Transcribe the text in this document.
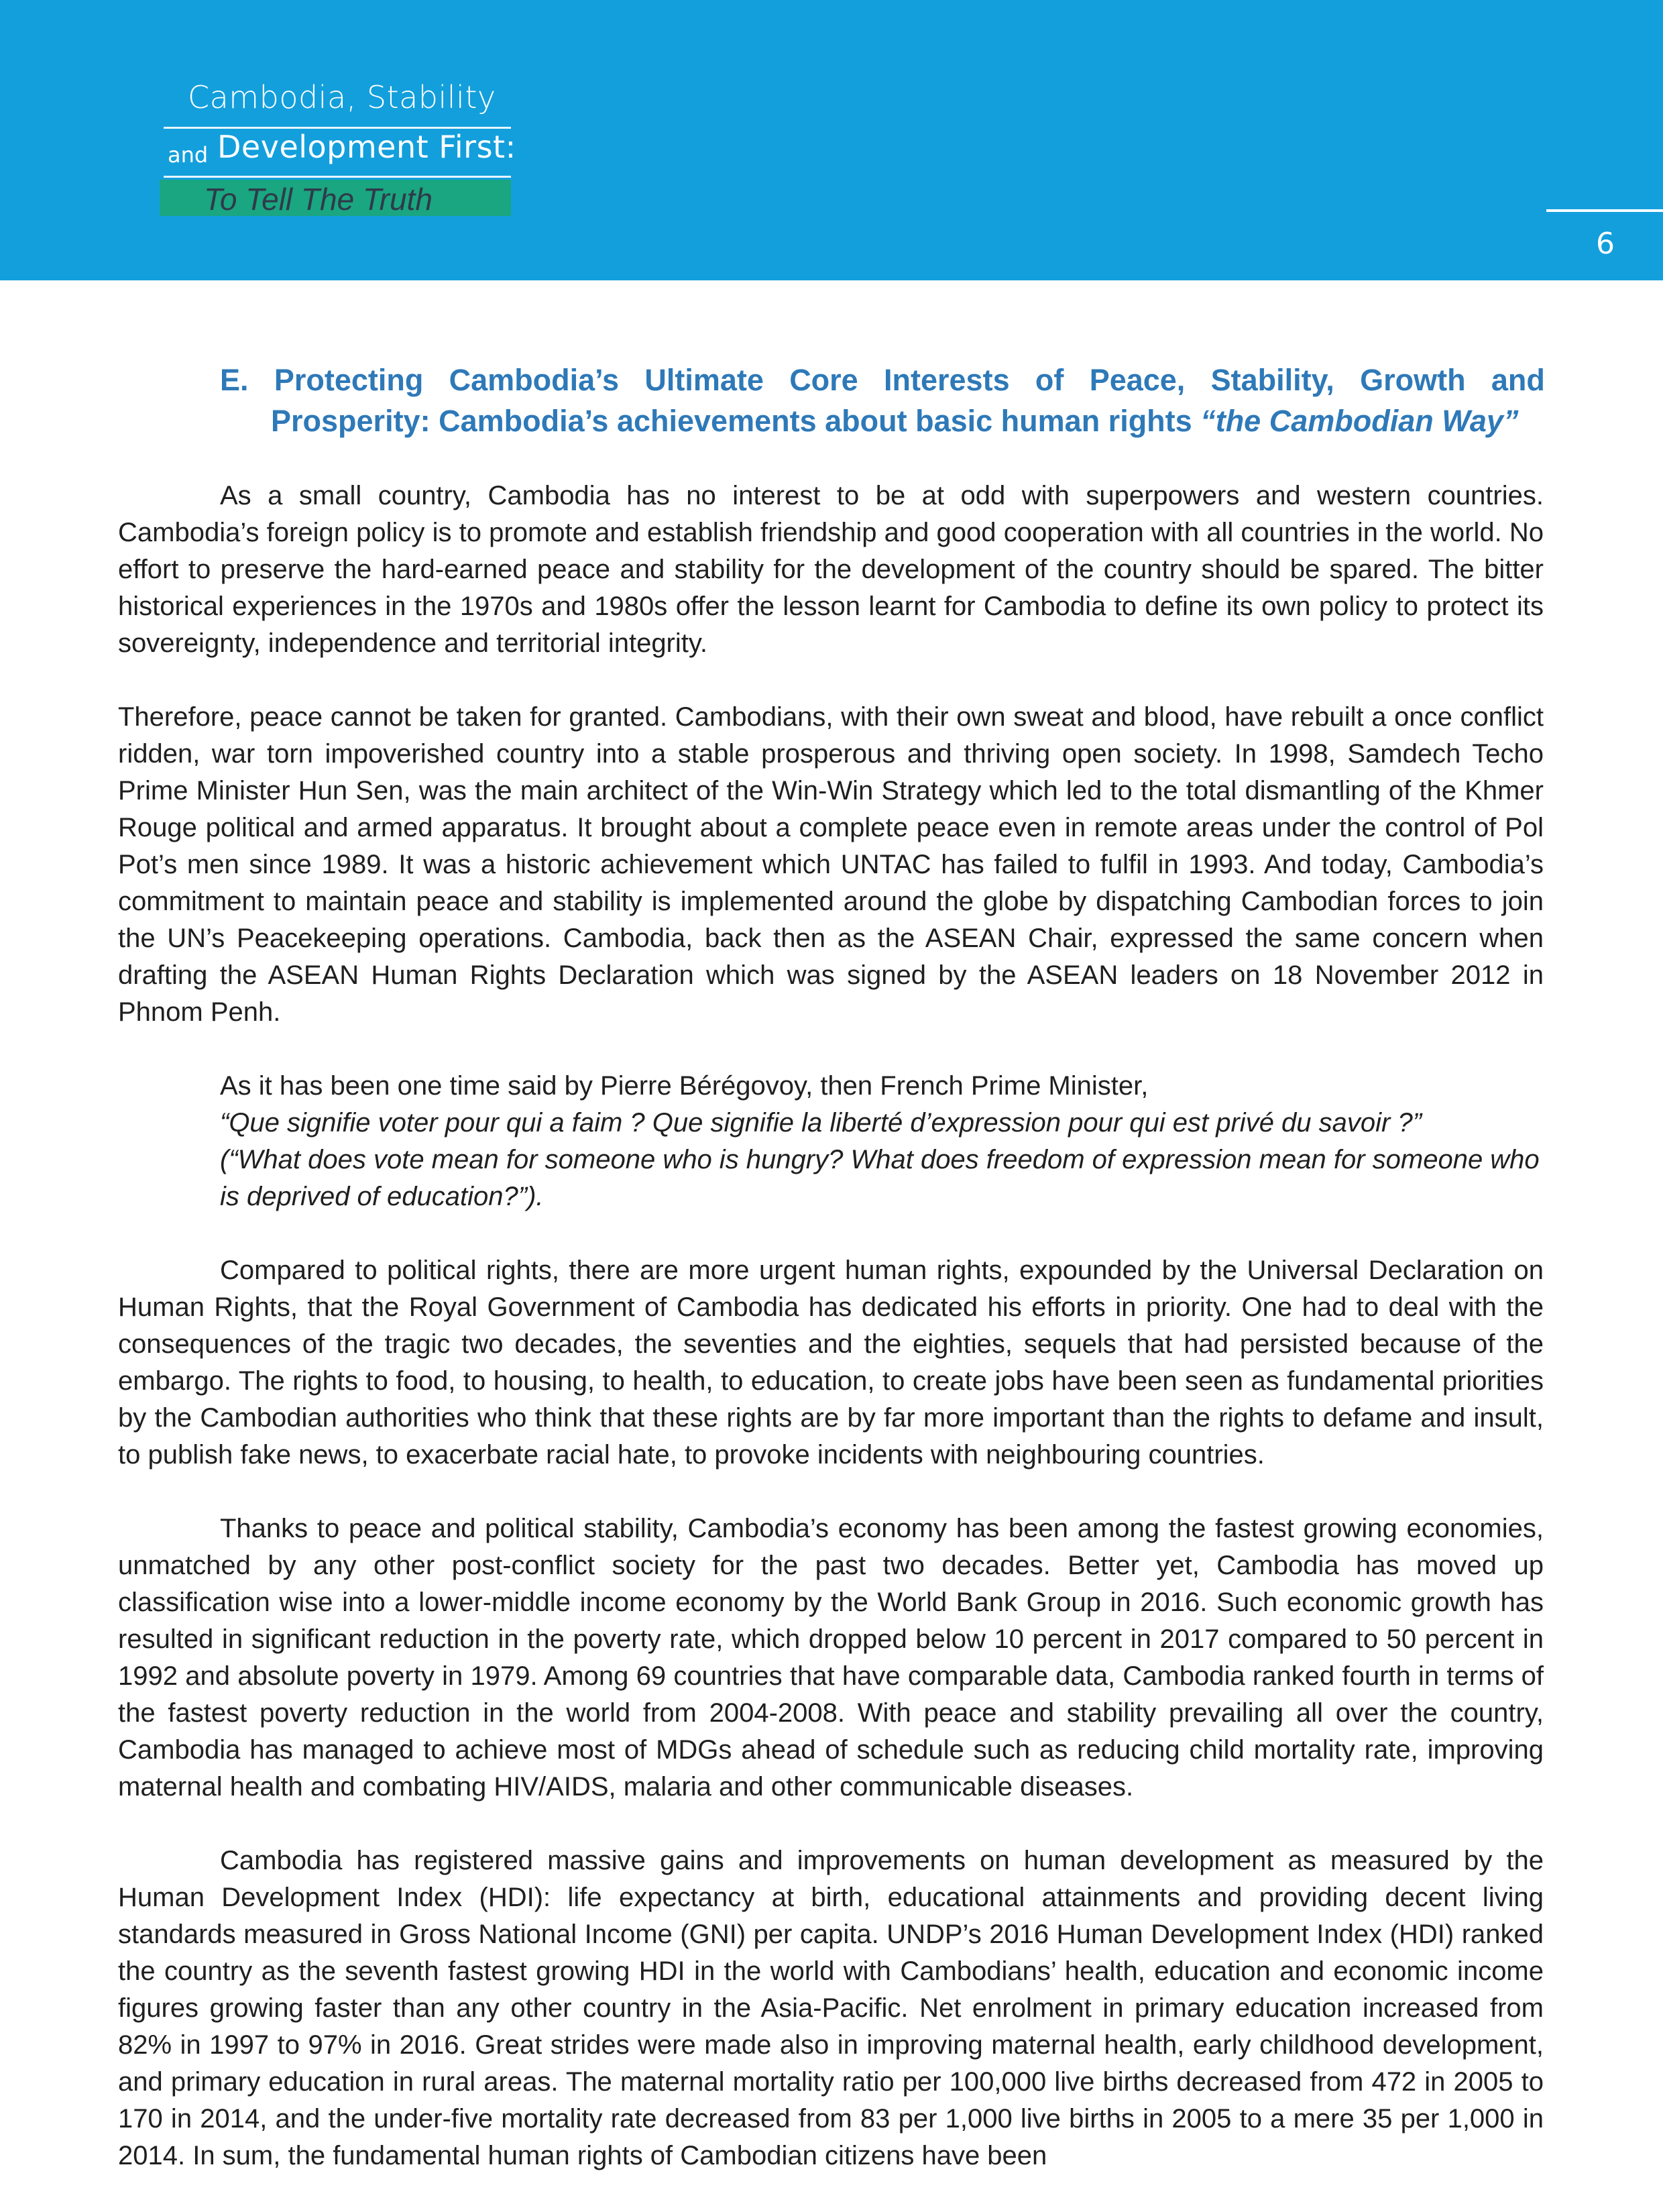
Cambodia, Stability
and Development First:
To Tell The Truth
6
E. Protecting Cambodia’s Ultimate Core Interests of Peace, Stability, Growth and
Prosperity: Cambodia’s achievements about basic human rights “the Cambodian Way”

As a small country, Cambodia has no interest to be at odd with superpowers and western countries. Cambodia’s foreign policy is to promote and establish friendship and good cooperation with all countries in the world. No effort to preserve the hard-earned peace and stability for the development of the country should be spared. The bitter historical experiences in the 1970s and 1980s offer the lesson learnt for Cambodia to define its own policy to protect its sovereignty, independence and territorial integrity.

Therefore, peace cannot be taken for granted. Cambodians, with their own sweat and blood, have rebuilt a once conflict ridden, war torn impoverished country into a stable prosperous and thriving open society. In 1998, Samdech Techo Prime Minister Hun Sen, was the main architect of the Win-Win Strategy which led to the total dismantling of the Khmer Rouge political and armed apparatus. It brought about a complete peace even in remote areas under the control of Pol Pot’s men since 1989. It was a historic achievement which UNTAC has failed to fulfil in 1993. And today, Cambodia’s commitment to maintain peace and stability is implemented around the globe by dispatching Cambodian forces to join the UN’s Peacekeeping operations. Cambodia, back then as the ASEAN Chair, expressed the same concern when drafting the ASEAN Human Rights Declaration which was signed by the ASEAN leaders on 18 November 2012 in Phnom Penh.

As it has been one time said by Pierre Bérégovoy, then French Prime Minister,
“Que signifie voter pour qui a faim ? Que signifie la liberté d’expression pour qui est privé du savoir ?”
(“What does vote mean for someone who is hungry? What does freedom of expression mean for someone who is deprived of education?”).

Compared to political rights, there are more urgent human rights, expounded by the Universal Declaration on Human Rights, that the Royal Government of Cambodia has dedicated his efforts in priority. One had to deal with the consequences of the tragic two decades, the seventies and the eighties, sequels that had persisted because of the embargo. The rights to food, to housing, to health, to education, to create jobs have been seen as fundamental priorities by the Cambodian authorities who think that these rights are by far more important than the rights to defame and insult, to publish fake news, to exacerbate racial hate, to provoke incidents with neighbouring countries.

Thanks to peace and political stability, Cambodia’s economy has been among the fastest growing economies, unmatched by any other post-conflict society for the past two decades. Better yet, Cambodia has moved up classification wise into a lower-middle income economy by the World Bank Group in 2016. Such economic growth has resulted in significant reduction in the poverty rate, which dropped below 10 percent in 2017 compared to 50 percent in 1992 and absolute poverty in 1979. Among 69 countries that have comparable data, Cambodia ranked fourth in terms of the fastest poverty reduction in the world from 2004-2008. With peace and stability prevailing all over the country, Cambodia has managed to achieve most of MDGs ahead of schedule such as reducing child mortality rate, improving maternal health and combating HIV/AIDS, malaria and other communicable diseases.

Cambodia has registered massive gains and improvements on human development as measured by the Human Development Index (HDI): life expectancy at birth, educational attainments and providing decent living standards measured in Gross National Income (GNI) per capita. UNDP’s 2016 Human Development Index (HDI) ranked the country as the seventh fastest growing HDI in the world with Cambodians’ health, education and economic income figures growing faster than any other country in the Asia-Pacific. Net enrolment in primary education increased from 82% in 1997 to 97% in 2016. Great strides were made also in improving maternal health, early childhood development, and primary education in rural areas. The maternal mortality ratio per 100,000 live births decreased from 472 in 2005 to 170 in 2014, and the under-five mortality rate decreased from 83 per 1,000 live births in 2005 to a mere 35 per 1,000 in 2014. In sum, the fundamental human rights of Cambodian citizens have been
